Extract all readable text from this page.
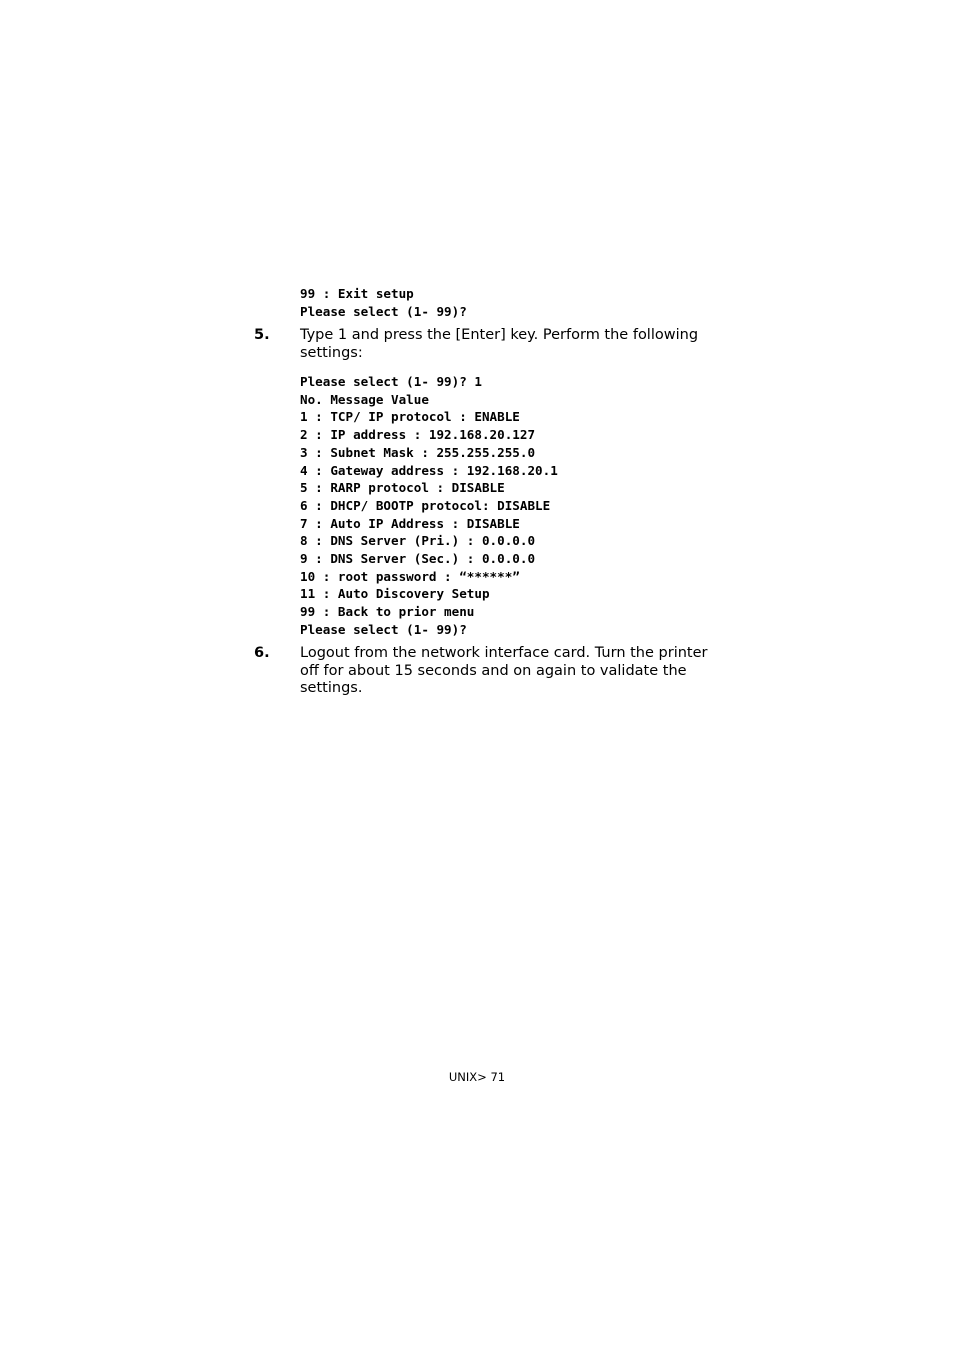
99 : Exit setup
Please select (1- 99)?
5. Type 1 and press the [Enter] key. Perform the following settings:
Please select (1- 99)? 1
No. Message Value
1 : TCP/ IP protocol : ENABLE
2 : IP address : 192.168.20.127
3 : Subnet Mask : 255.255.255.0
4 : Gateway address : 192.168.20.1
5 : RARP protocol : DISABLE
6 : DHCP/ BOOTP protocol: DISABLE
7 : Auto IP Address : DISABLE
8 : DNS Server (Pri.) : 0.0.0.0
9 : DNS Server (Sec.) : 0.0.0.0
10 : root password : “******”
11 : Auto Discovery Setup
99 : Back to prior menu
Please select (1- 99)?
6. Logout from the network interface card. Turn the printer off for about 15 seconds and on again to validate the settings.
UNIX> 71
